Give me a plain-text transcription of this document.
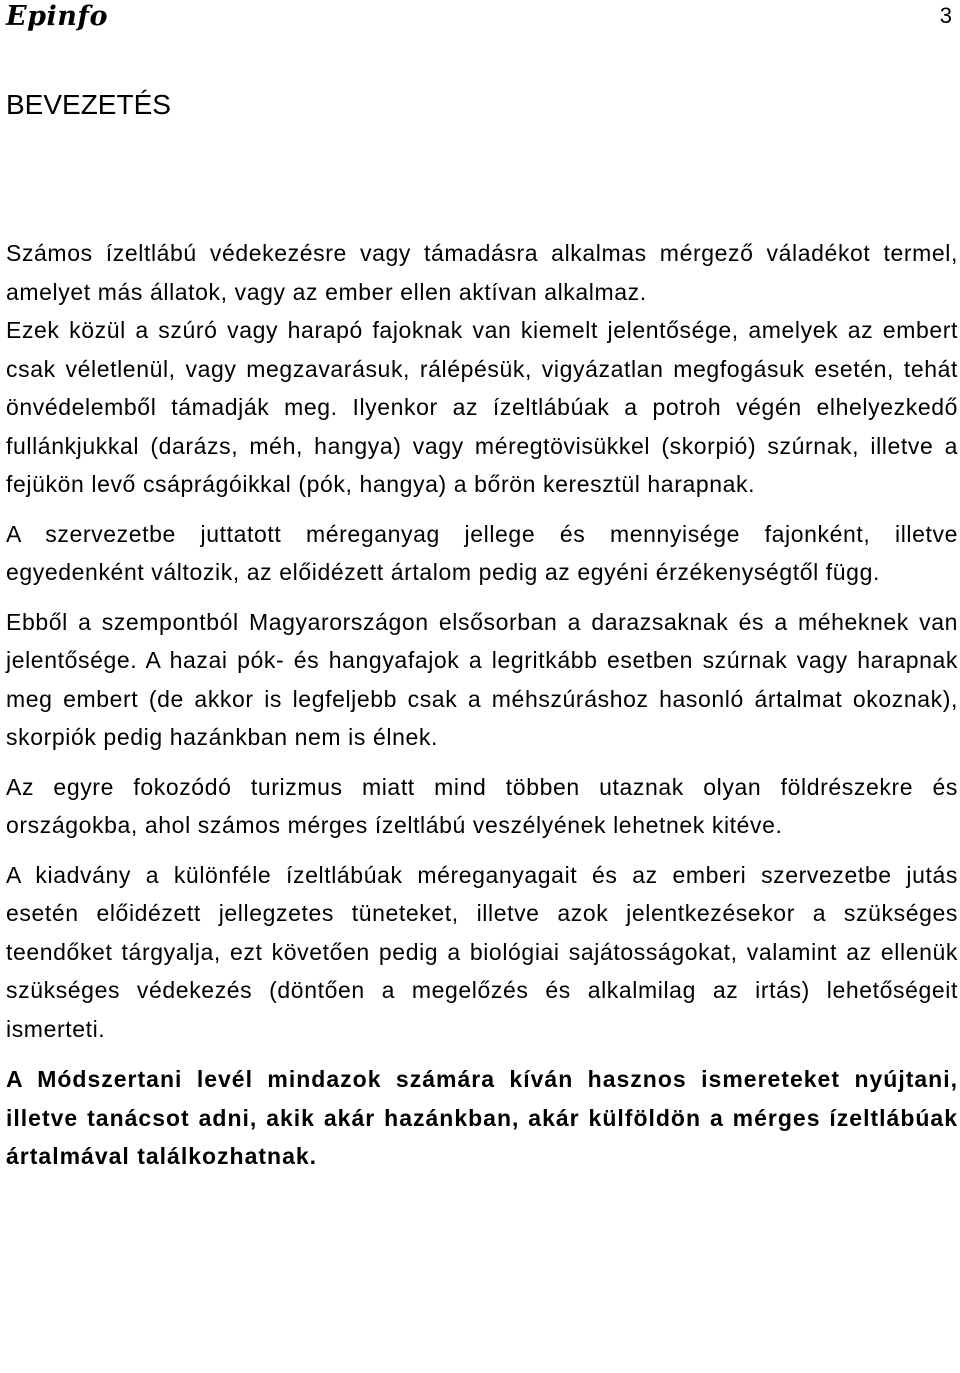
Epinfo	3
BEVEZETÉS

Számos ízeltlábú védekezésre vagy támadásra alkalmas mérgező váladékot termel, amelyet más állatok, vagy az ember ellen aktívan alkalmaz.

Ezek közül a szúró vagy harapó fajoknak van kiemelt jelentősége, amelyek az embert csak véletlenül, vagy megzavarásuk, rálépésük, vigyázatlan megfogásuk esetén, tehát önvédelemből támadják meg. Ilyenkor az ízeltlábúak a potroh végén elhelyezkedő fullánkjukkal (darázs, méh, hangya) vagy méregtövisükkel (skorpió) szúrnak, illetve a fejükön levő csáprágóikkal (pók, hangya) a bőrön keresztül harapnak.

A szervezetbe juttatott méreganyag jellege és mennyisége fajonként, illetve egyedenként változik, az előidézett ártalom pedig az egyéni érzékenységtől függ.

Ebből a szempontból Magyarországon elsősorban a darazsaknak és a méheknek van jelentősége. A hazai pók- és hangyafajok a legritkább esetben szúrnak vagy harapnak meg embert (de akkor is legfeljebb csak a méhszúráshoz hasonló ártalmat okoznak), skorpiók pedig hazánkban nem is élnek.

Az egyre fokozódó turizmus miatt mind többen utaznak olyan földrészekre és országokba, ahol számos mérges ízeltlábú veszélyének lehetnek kitéve.

A kiadvány a különféle ízeltlábúak méreganyagait és az emberi szervezetbe jutás esetén előidézett jellegzetes tüneteket, illetve azok jelentkezésekor a szükséges teendőket tárgyalja, ezt követően pedig a biológiai sajátosságokat, valamint az ellenük szükséges védekezés (döntően a megelőzés és alkalmilag az irtás) lehetőségeit ismerteti.

A Módszertani levél mindazok számára kíván hasznos ismereteket nyújtani, illetve tanácsot adni, akik akár hazánkban, akár külföldön a mérges ízeltlábúak ártalmával találkozhatnak.
